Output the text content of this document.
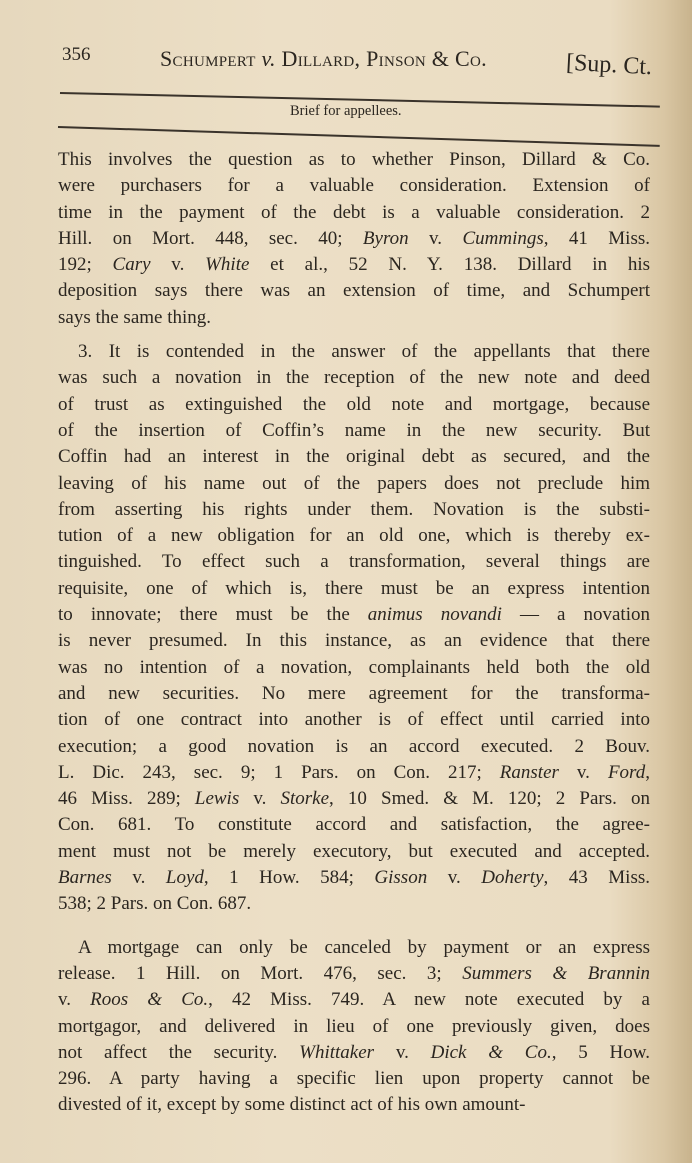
356	Schumpert v. Dillard, Pinson & Co.	[Sup. Ct.
Brief for appellees.
This involves the question as to whether Pinson, Dillard & Co.
were purchasers for a valuable consideration. Extension of
time in the payment of the debt is a valuable consideration. 2
Hill. on Mort. 448, sec. 40; Byron v. Cummings, 41 Miss.
192; Cary v. White et al., 52 N. Y. 138. Dillard in his
deposition says there was an extension of time, and Schumpert
says the same thing.
3. It is contended in the answer of the appellants that there
was such a novation in the reception of the new note and deed
of trust as extinguished the old note and mortgage, because
of the insertion of Coffin’s name in the new security. But
Coffin had an interest in the original debt as secured, and the
leaving of his name out of the papers does not preclude him
from asserting his rights under them. Novation is the substi-
tution of a new obligation for an old one, which is thereby ex-
tinguished. To effect such a transformation, several things are
requisite, one of which is, there must be an express intention
to innovate; there must be the animus novandi — a novation
is never presumed. In this instance, as an evidence that there
was no intention of a novation, complainants held both the old
and new securities. No mere agreement for the transforma-
tion of one contract into another is of effect until carried into
execution; a good novation is an accord executed. 2 Bouv.
L. Dic. 243, sec. 9; 1 Pars. on Con. 217; Ranster v. Ford,
46 Miss. 289; Lewis v. Storke, 10 Smed. & M. 120; 2 Pars. on
Con. 681. To constitute accord and satisfaction, the agree-
ment must not be merely executory, but executed and accepted.
Barnes v. Loyd, 1 How. 584; Gisson v. Doherty, 43 Miss.
538; 2 Pars. on Con. 687.
A mortgage can only be canceled by payment or an express
release. 1 Hill. on Mort. 476, sec. 3; Summers & Brannin
v. Roos & Co., 42 Miss. 749. A new note executed by a
mortgagor, and delivered in lieu of one previously given, does
not affect the security. Whittaker v. Dick & Co., 5 How.
296. A party having a specific lien upon property cannot be
divested of it, except by some distinct act of his own amount-
